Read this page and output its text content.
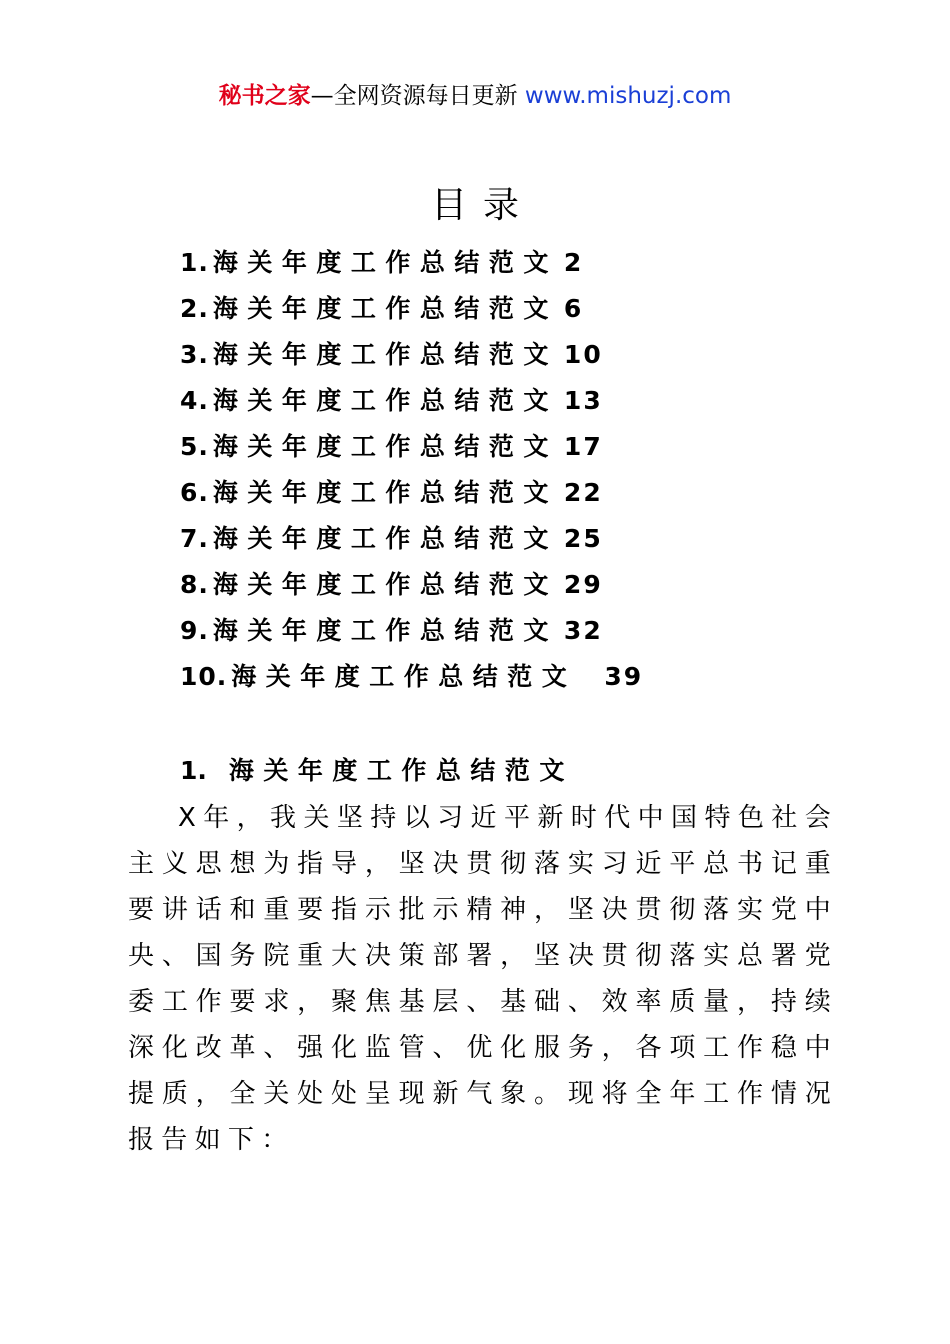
秘书之家—全网资源每日更新 www.mishuzj.com
目录
1. 海关年度工作总结范文 2
2. 海关年度工作总结范文 6
3. 海关年度工作总结范文 10
4. 海关年度工作总结范文 13
5. 海关年度工作总结范文 17
6. 海关年度工作总结范文 22
7. 海关年度工作总结范文 25
8. 海关年度工作总结范文 29
9. 海关年度工作总结范文 32
10. 海关年度工作总结范文 39
1. 海关年度工作总结范文

X年，我关坚持以习近平新时代中国特色社会主义思想为指导，坚决贯彻落实习近平总书记重要讲话和重要指示批示精神，坚决贯彻落实党中央、国务院重大决策部署，坚决贯彻落实总署党委工作要求，聚焦基层、基础、效率质量，持续深化改革、强化监管、优化服务，各项工作稳中提质，全关处处呈现新气象。现将全年工作情况报告如下：
